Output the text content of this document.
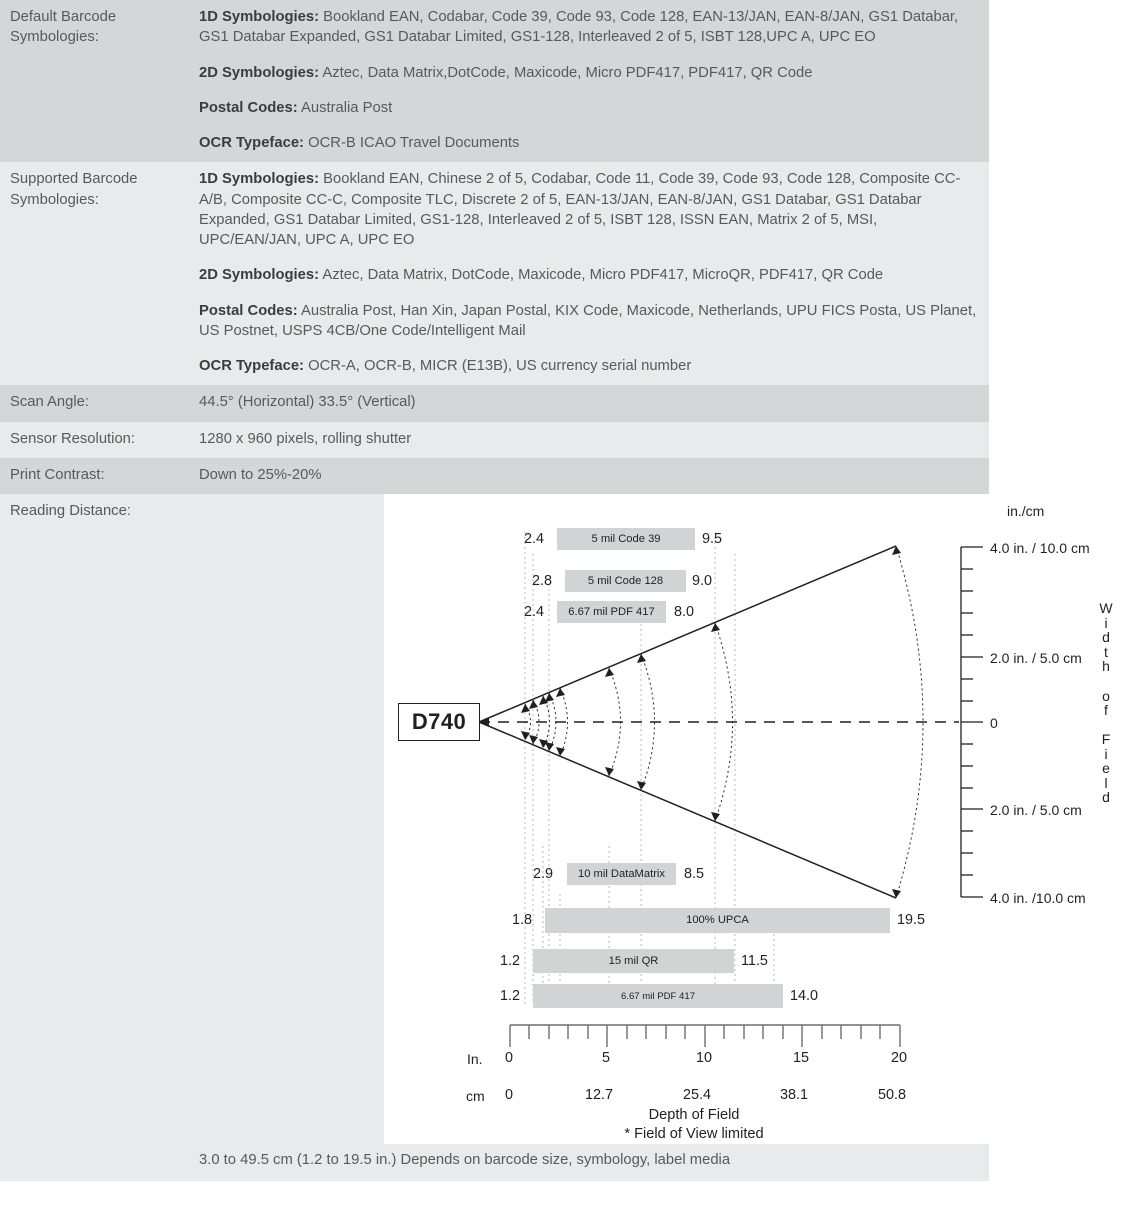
Default Barcode Symbologies:	1D Symbologies: Bookland EAN, Codabar, Code 39, Code 93, Code 128, EAN-13/JAN, EAN-8/JAN, GS1 Databar, GS1 Databar Expanded, GS1 Databar Limited, GS1-128, Interleaved 2 of 5, ISBT 128,UPC A, UPC EO

2D Symbologies: Aztec, Data Matrix,DotCode, Maxicode, Micro PDF417, PDF417, QR Code

Postal Codes: Australia Post

OCR Typeface: OCR-B ICAO Travel Documents

Supported Barcode Symbologies:	1D Symbologies: Bookland EAN, Chinese 2 of 5, Codabar, Code 11, Code 39, Code 93, Code 128, Composite CC-A/B, Composite CC-C, Composite TLC, Discrete 2 of 5, EAN-13/JAN, EAN-8/JAN, GS1 Databar, GS1 Databar Expanded, GS1 Databar Limited, GS1-128, Interleaved 2 of 5, ISBT 128, ISSN EAN, Matrix 2 of 5, MSI, UPC/EAN/JAN, UPC A, UPC EO

2D Symbologies: Aztec, Data Matrix, DotCode, Maxicode, Micro PDF417, MicroQR, PDF417, QR Code

Postal Codes: Australia Post, Han Xin, Japan Postal, KIX Code, Maxicode, Netherlands, UPU FICS Posta, US Planet, US Postnet, USPS 4CB/One Code/Intelligent Mail

OCR Typeface: OCR-A, OCR-B, MICR (E13B), US currency serial number

Scan Angle:	44.5° (Horizontal) 33.5° (Vertical)
Sensor Resolution:	1280 x 960 pixels, rolling shutter
Print Contrast:	Down to 25%-20%
Reading Distance:	
D740
in./cm
4.0 in. / 10.0 cm
2.0 in. / 5.0 cm
0
2.0 in. / 5.0 cm
4.0 in. /10.0 cm
W
i
d
t
h
o
f
F
i
e
l
d
5 mil Code 39
2.4	9.5
5 mil Code 128
2.8	9.0
6.67 mil PDF 417
2.4	8.0
10 mil DataMatrix
2.9	8.5
100% UPCA
1.8	19.5
15 mil QR
1.2	11.5
6.67 mil PDF 417
1.2	14.0
In. 0	5	10	15	20
cm 0	12.7	25.4	38.1	50.8
Depth of Field
* Field of View limited

	3.0 to 49.5 cm (1.2 to 19.5 in.) Depends on barcode size, symbology, label media
